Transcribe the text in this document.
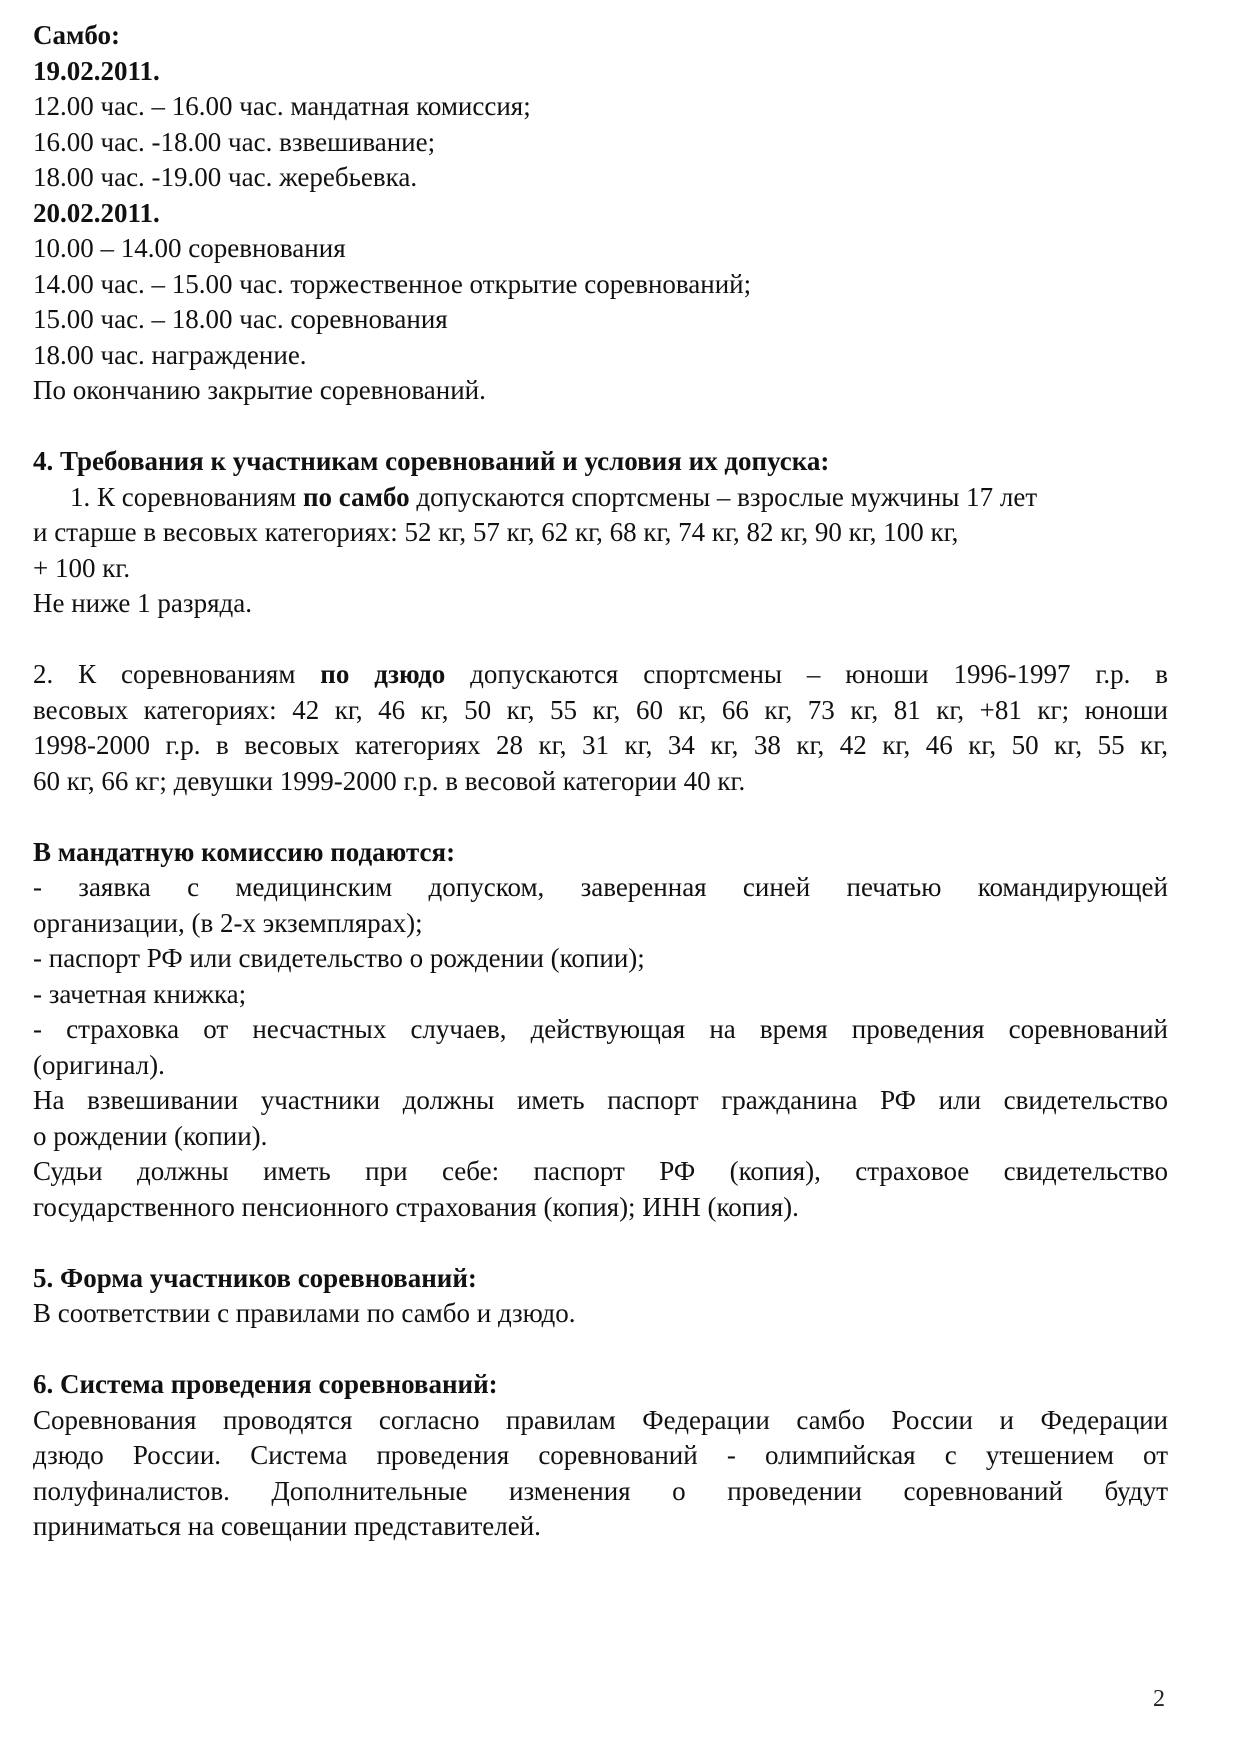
Самбо:
19.02.2011.
12.00 час. – 16.00 час. мандатная комиссия;
16.00 час. -18.00 час. взвешивание;
18.00 час. -19.00 час. жеребьевка.
20.02.2011.
10.00 – 14.00 соревнования
14.00 час. – 15.00 час. торжественное открытие соревнований;
15.00 час. – 18.00 час. соревнования
18.00 час. награждение.
По окончанию закрытие соревнований.
4. Требования к участникам соревнований и условия их допуска:
1. К соревнованиям по самбо допускаются спортсмены – взрослые мужчины 17 лет
и старше в весовых категориях: 52 кг, 57 кг, 62 кг, 68 кг, 74 кг, 82 кг, 90 кг, 100 кг,
+ 100 кг.
Не ниже 1 разряда.
2. К соревнованиям по дзюдо допускаются спортсмены – юноши 1996-1997 г.р. в
весовых категориях: 42 кг, 46 кг, 50 кг, 55 кг, 60 кг, 66 кг, 73 кг, 81 кг, +81 кг; юноши
1998-2000 г.р. в весовых категориях 28 кг, 31 кг, 34 кг, 38 кг, 42 кг, 46 кг, 50 кг, 55 кг,
60 кг, 66 кг; девушки 1999-2000 г.р. в весовой категории 40 кг.
В мандатную комиссию подаются:
- заявка с медицинским допуском, заверенная синей печатью командирующей
организации, (в 2-х экземплярах);
- паспорт РФ или свидетельство о рождении (копии);
- зачетная книжка;
- страховка от несчастных случаев, действующая на время проведения соревнований
(оригинал).
На взвешивании участники должны иметь паспорт гражданина РФ или свидетельство
о рождении (копии).
Судьи должны иметь при себе: паспорт РФ (копия), страховое свидетельство
государственного пенсионного страхования (копия); ИНН (копия).
5. Форма участников соревнований:
В соответствии с правилами по самбо и дзюдо.
6. Система проведения соревнований:
Соревнования проводятся согласно правилам Федерации самбо России и Федерации
дзюдо России. Система проведения соревнований - олимпийская с утешением от
полуфиналистов. Дополнительные изменения о проведении соревнований будут
приниматься на совещании представителей.
2
